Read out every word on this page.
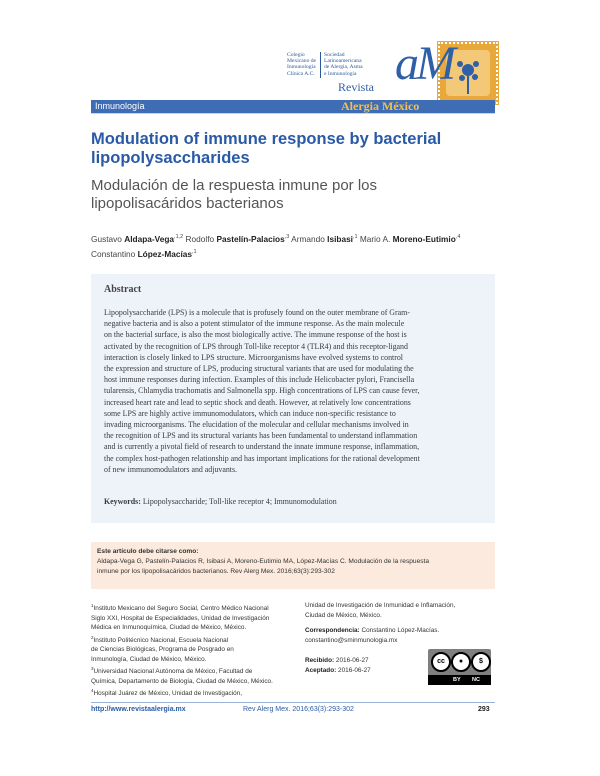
Colegio
Mexicano de
Inmunología
Clínica A.C.
Sociedad
Latinoamericana
de Alergia, Asma
e Inmunología aM
Revista
Inmunología	Alergia México
Modulation of immune response by bacterial lipopolysaccharides
Modulación de la respuesta inmune por los lipopolisacáridos bacterianos
Gustavo Aldapa-Vega$^{,1,2}$ Rodolfo Pastelín-Palacios$^{,3}$ Armando Isibasi$^{,1}$ Mario A. Moreno-Eutimio$^{,4}$ Constantino López-Macías$^{,1}$
Abstract
Lipopolysaccharide (LPS) is a molecule that is profusely found on the outer membrane of Gram-
negative bacteria and is also a potent stimulator of the immune response. As the main molecule
on the bacterial surface, is also the most biologically active. The immune response of the host is
activated by the recognition of LPS through Toll-like receptor 4 (TLR4) and this receptor-ligand
interaction is closely linked to LPS structure. Microorganisms have evolved systems to control
the expression and structure of LPS, producing structural variants that are used for modulating the
host immune responses during infection. Examples of this include Helicobacter pylori, Francisella
tularensis, Chlamydia trachomatis and Salmonella spp. High concentrations of LPS can cause fever,
increased heart rate and lead to septic shock and death. However, at relatively low concentrations
some LPS are highly active immunomodulators, which can induce non-specific resistance to
invading microorganisms. The elucidation of the molecular and cellular mechanisms involved in
the recognition of LPS and its structural variants has been fundamental to understand inflammation
and is currently a pivotal field of research to understand the innate immune response, inflammation,
the complex host-pathogen relationship and has important implications for the rational development
of new immunomodulators and adjuvants.
Keywords: Lipopolysaccharide; Toll-like receptor 4; Immunomodulation
Este artículo debe citarse como:
Aldapa-Vega G, Pastelín-Palacios R, Isibasi A, Moreno-Eutimio MA, López-Macías C. Modulación de la respuesta
inmune por los lipopolisacáridos bacterianos. Rev Alerg Mex. 2016;63(3):293-302
$^1$Instituto Mexicano del Seguro Social, Centro Médico Nacional
Siglo XXI, Hospital de Especialidades, Unidad de Investigación
Médica en Inmunoquímica, Ciudad de México, México.
$^2$Instituto Politécnico Nacional, Escuela Nacional
de Ciencias Biológicas, Programa de Posgrado en
Inmunología, Ciudad de México, México.
$^3$Universidad Nacional Autónoma de México, Facultad de
Química, Departamento de Biología, Ciudad de México, México.
$^4$Hospital Juárez de México, Unidad de Investigación,
Unidad de Investigación de Inmunidad e Inflamación,
Ciudad de México, México.
Correspondencia: Constantino López-Macías.
constantino@sminmunologia.mx
Recibido: 2016-06-27
Aceptado: 2016-06-27
cc	●	$
BY NC
http://www.revistaalergia.mx	Rev Alerg Mex. 2016;63(3):293-302	293
